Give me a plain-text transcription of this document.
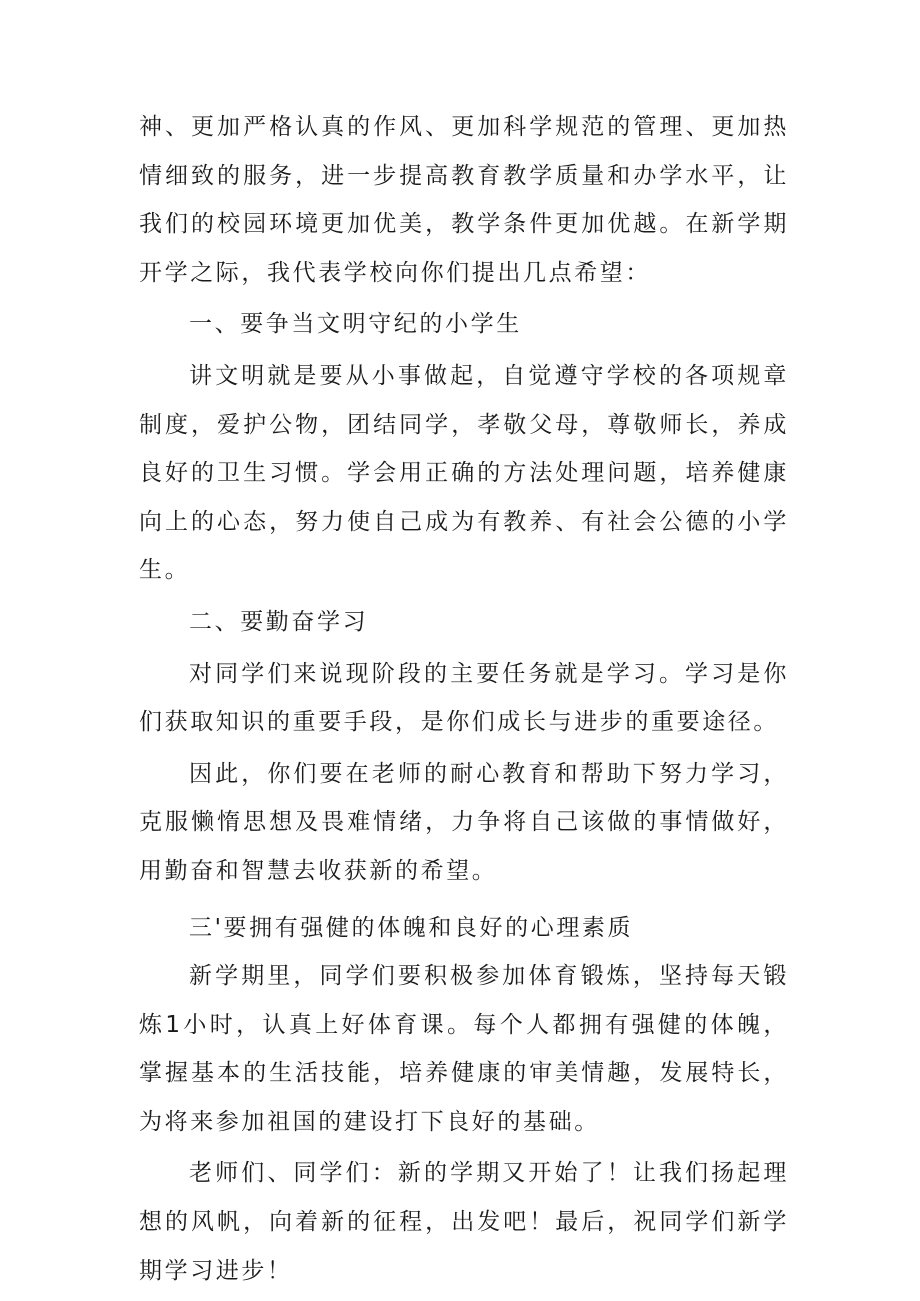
神、更加严格认真的作风、更加科学规范的管理、更加热情细致的服务，进一步提高教育教学质量和办学水平，让我们的校园环境更加优美，教学条件更加优越。在新学期开学之际，我代表学校向你们提出几点希望：

一、要争当文明守纪的小学生

讲文明就是要从小事做起，自觉遵守学校的各项规章制度，爱护公物，团结同学，孝敬父母，尊敬师长，养成良好的卫生习惯。学会用正确的方法处理问题，培养健康向上的心态，努力使自己成为有教养、有社会公德的小学生。

二、要勤奋学习

对同学们来说现阶段的主要任务就是学习。学习是你们获取知识的重要手段，是你们成长与进步的重要途径。

因此，你们要在老师的耐心教育和帮助下努力学习，克服懒惰思想及畏难情绪，力争将自己该做的事情做好，用勤奋和智慧去收获新的希望。

三'要拥有强健的体魄和良好的心理素质

新学期里，同学们要积极参加体育锻炼，坚持每天锻炼1小时，认真上好体育课。每个人都拥有强健的体魄，掌握基本的生活技能，培养健康的审美情趣，发展特长，为将来参加祖国的建设打下良好的基础。

老师们、同学们：新的学期又开始了！让我们扬起理想的风帆，向着新的征程，出发吧！最后，祝同学们新学期学习进步！
